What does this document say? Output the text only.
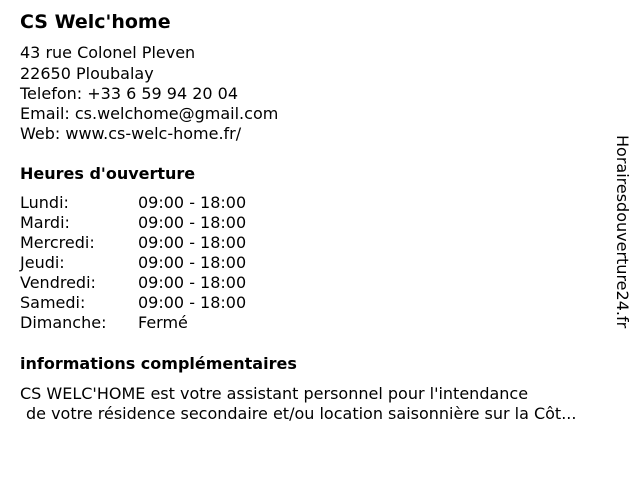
CS Welc'home
43 rue Colonel Pleven
22650 Ploubalay
Telefon: +33 6 59 94 20 04
Email: cs.welchome@gmail.com
Web: www.cs-welc-home.fr/
Heures d'ouverture
Lundi:	09:00 - 18:00
Mardi:	09:00 - 18:00
Mercredi:	09:00 - 18:00
Jeudi:	09:00 - 18:00
Vendredi:	09:00 - 18:00
Samedi:	09:00 - 18:00
Dimanche: Fermé
informations complémentaires
CS WELC'HOME est votre assistant personnel pour l'intendance
de votre résidence secondaire et/ou location saisonnière sur la Côt...
Horairesdouverture24.fr
